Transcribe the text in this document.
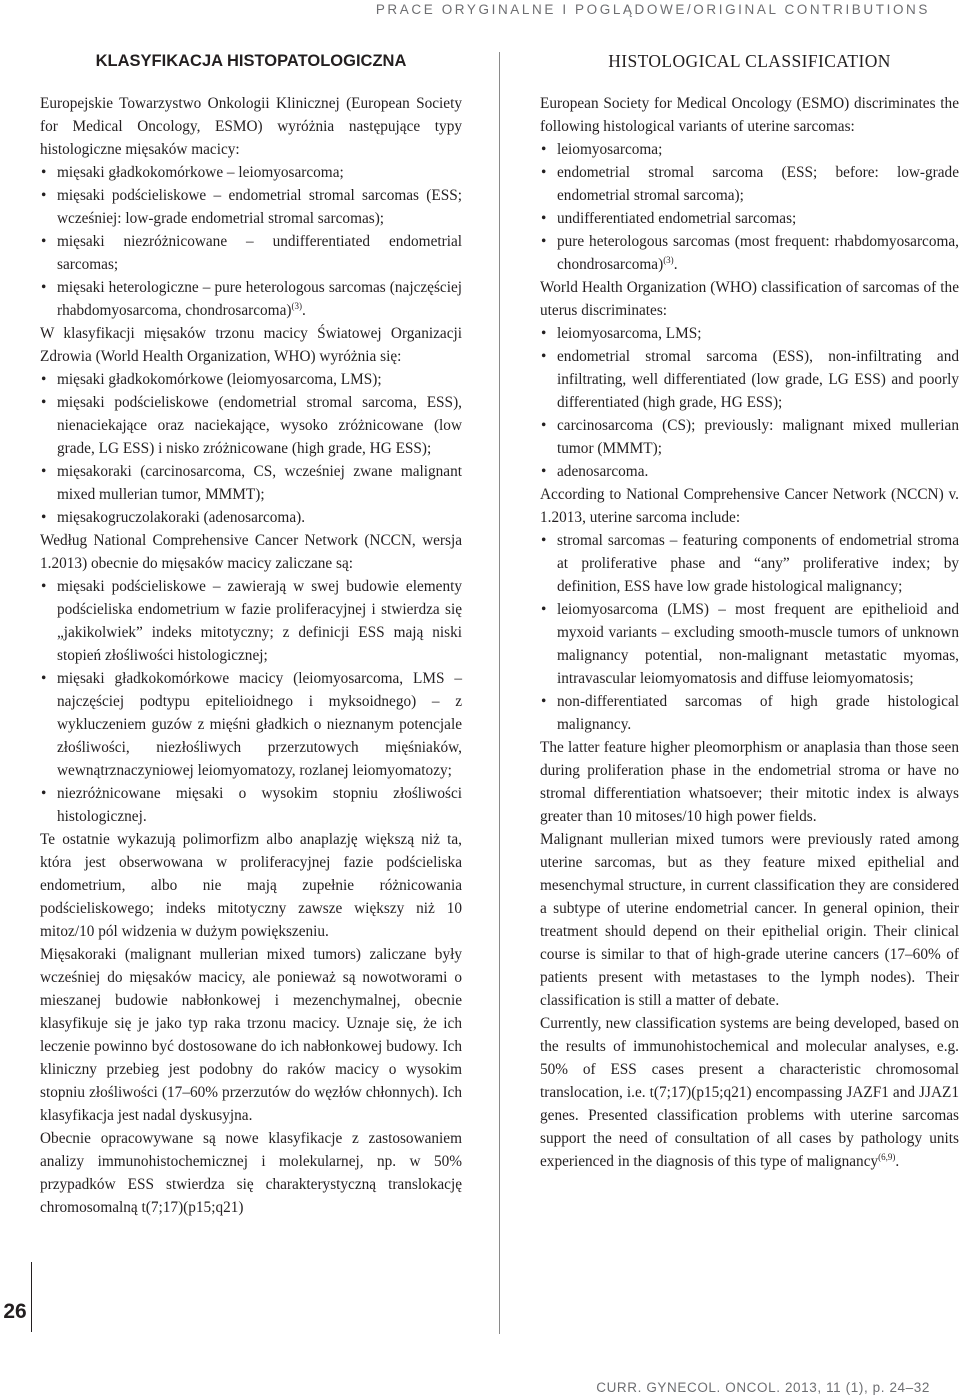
PRACE ORYGINALNE I POGLĄDOWE/ORIGINAL CONTRIBUTIONS
26
KLASYFIKACJA HISTOPATOLOGICZNA

Europejskie Towarzystwo Onkologii Klinicznej (European Society for Medical Oncology, ESMO) wyróżnia następujące typy histologiczne mięsaków macicy:

• mięsaki gładkokomórkowe – leiomyosarcoma;
• mięsaki podścieliskowe – endometrial stromal sarcomas (ESS; wcześniej: low-grade endometrial stromal sarcomas);
• mięsaki niezróżnicowane – undifferentiated endometrial sarcomas;
• mięsaki heterologiczne – pure heterologous sarcomas (najczęściej rhabdomyosarcoma, chondrosarcoma)$^{(3)}$.

W klasyfikacji mięsaków trzonu macicy Światowej Organizacji Zdrowia (World Health Organization, WHO) wyróżnia się:

• mięsaki gładkokomórkowe (leiomyosarcoma, LMS);
• mięsaki podścieliskowe (endometrial stromal sarcoma, ESS), nienaciekające oraz naciekające, wysoko zróżnicowane (low grade, LG ESS) i nisko zróżnicowane (high grade, HG ESS);
• mięsakoraki (carcinosarcoma, CS, wcześniej zwane malignant mixed mullerian tumor, MMMT);
• mięsakogruczolakoraki (adenosarcoma).

Według National Comprehensive Cancer Network (NCCN, wersja 1.2013) obecnie do mięsaków macicy zaliczane są:

• mięsaki podścieliskowe – zawierają w swej budowie elementy podścieliska endometrium w fazie proliferacyjnej i stwierdza się „jakikolwiek” indeks mitotyczny; z definicji ESS mają niski stopień złośliwości histologicznej;
• mięsaki gładkokomórkowe macicy (leiomyosarcoma, LMS – najczęściej podtypu epitelioidnego i myksoidnego) – z wykluczeniem guzów z mięśni gładkich o nieznanym potencjale złośliwości, niezłośliwych przerzutowych mięśniaków, wewnątrznaczyniowej leiomyomatozy, rozlanej leiomyomatozy;
• niezróżnicowane mięsaki o wysokim stopniu złośliwości histologicznej.

Te ostatnie wykazują polimorfizm albo anaplazję większą niż ta, która jest obserwowana w proliferacyjnej fazie podścieliska endometrium, albo nie mają zupełnie różnicowania podścieliskowego; indeks mitotyczny zawsze większy niż 10 mitoz/10 pól widzenia w dużym powiększeniu.

Mięsakoraki (malignant mullerian mixed tumors) zaliczane były wcześniej do mięsaków macicy, ale ponieważ są nowotworami o mieszanej budowie nabłonkowej i mezenchymalnej, obecnie klasyfikuje się je jako typ raka trzonu macicy. Uznaje się, że ich leczenie powinno być dostosowane do ich nabłonkowej budowy. Ich kliniczny przebieg jest podobny do raków macicy o wysokim stopniu złośliwości (17–60% przerzutów do węzłów chłonnych). Ich klasyfikacja jest nadal dyskusyjna.

Obecnie opracowywane są nowe klasyfikacje z zastosowaniem analizy immunohistochemicznej i molekularnej, np. w 50% przypadków ESS stwierdza się charakterystyczną translokację chromosomalną t(7;17)(p15;q21)

HISTOLOGICAL CLASSIFICATION

European Society for Medical Oncology (ESMO) discriminates the following histological variants of uterine sarcomas:

• leiomyosarcoma;
• endometrial stromal sarcoma (ESS; before: low-grade endometrial stromal sarcoma);
• undifferentiated endometrial sarcomas;
• pure heterologous sarcomas (most frequent: rhabdomyosarcoma, chondrosarcoma)$^{(3)}$.

World Health Organization (WHO) classification of sarcomas of the uterus discriminates:

• leiomyosarcoma, LMS;
• endometrial stromal sarcoma (ESS), non-infiltrating and infiltrating, well differentiated (low grade, LG ESS) and poorly differentiated (high grade, HG ESS);
• carcinosarcoma (CS); previously: malignant mixed mullerian tumor (MMMT);
• adenosarcoma.

According to National Comprehensive Cancer Network (NCCN) v. 1.2013, uterine sarcoma include:

• stromal sarcomas – featuring components of endometrial stroma at proliferative phase and “any” proliferative index; by definition, ESS have low grade histological malignancy;
• leiomyosarcoma (LMS) – most frequent are epithelioid and myxoid variants – excluding smooth-muscle tumors of unknown malignancy potential, non-malignant metastatic myomas, intravascular leiomyomatosis and diffuse leiomyomatosis;
• non-differentiated sarcomas of high grade histological malignancy.

The latter feature higher pleomorphism or anaplasia than those seen during proliferation phase in the endometrial stroma or have no stromal differentiation whatsoever; their mitotic index is always greater than 10 mitoses/10 high power fields.

Malignant mullerian mixed tumors were previously rated among uterine sarcomas, but as they feature mixed epithelial and mesenchymal structure, in current classification they are considered a subtype of uterine endometrial cancer. In general opinion, their treatment should depend on their epithelial origin. Their clinical course is similar to that of high-grade uterine cancers (17–60% of patients present with metastases to the lymph nodes). Their classification is still a matter of debate.

Currently, new classification systems are being developed, based on the results of immunohistochemical and molecular analyses, e.g. 50% of ESS cases present a characteristic chromosomal translocation, i.e. t(7;17)(p15;q21) encompassing JAZF1 and JJAZ1 genes. Presented classification problems with uterine sarcomas support the need of consultation of all cases by pathology units experienced in the diagnosis of this type of malignancy$^{(6,9)}$.

CURR. GYNECOL. ONCOL. 2013, 11 (1), p. 24–32
